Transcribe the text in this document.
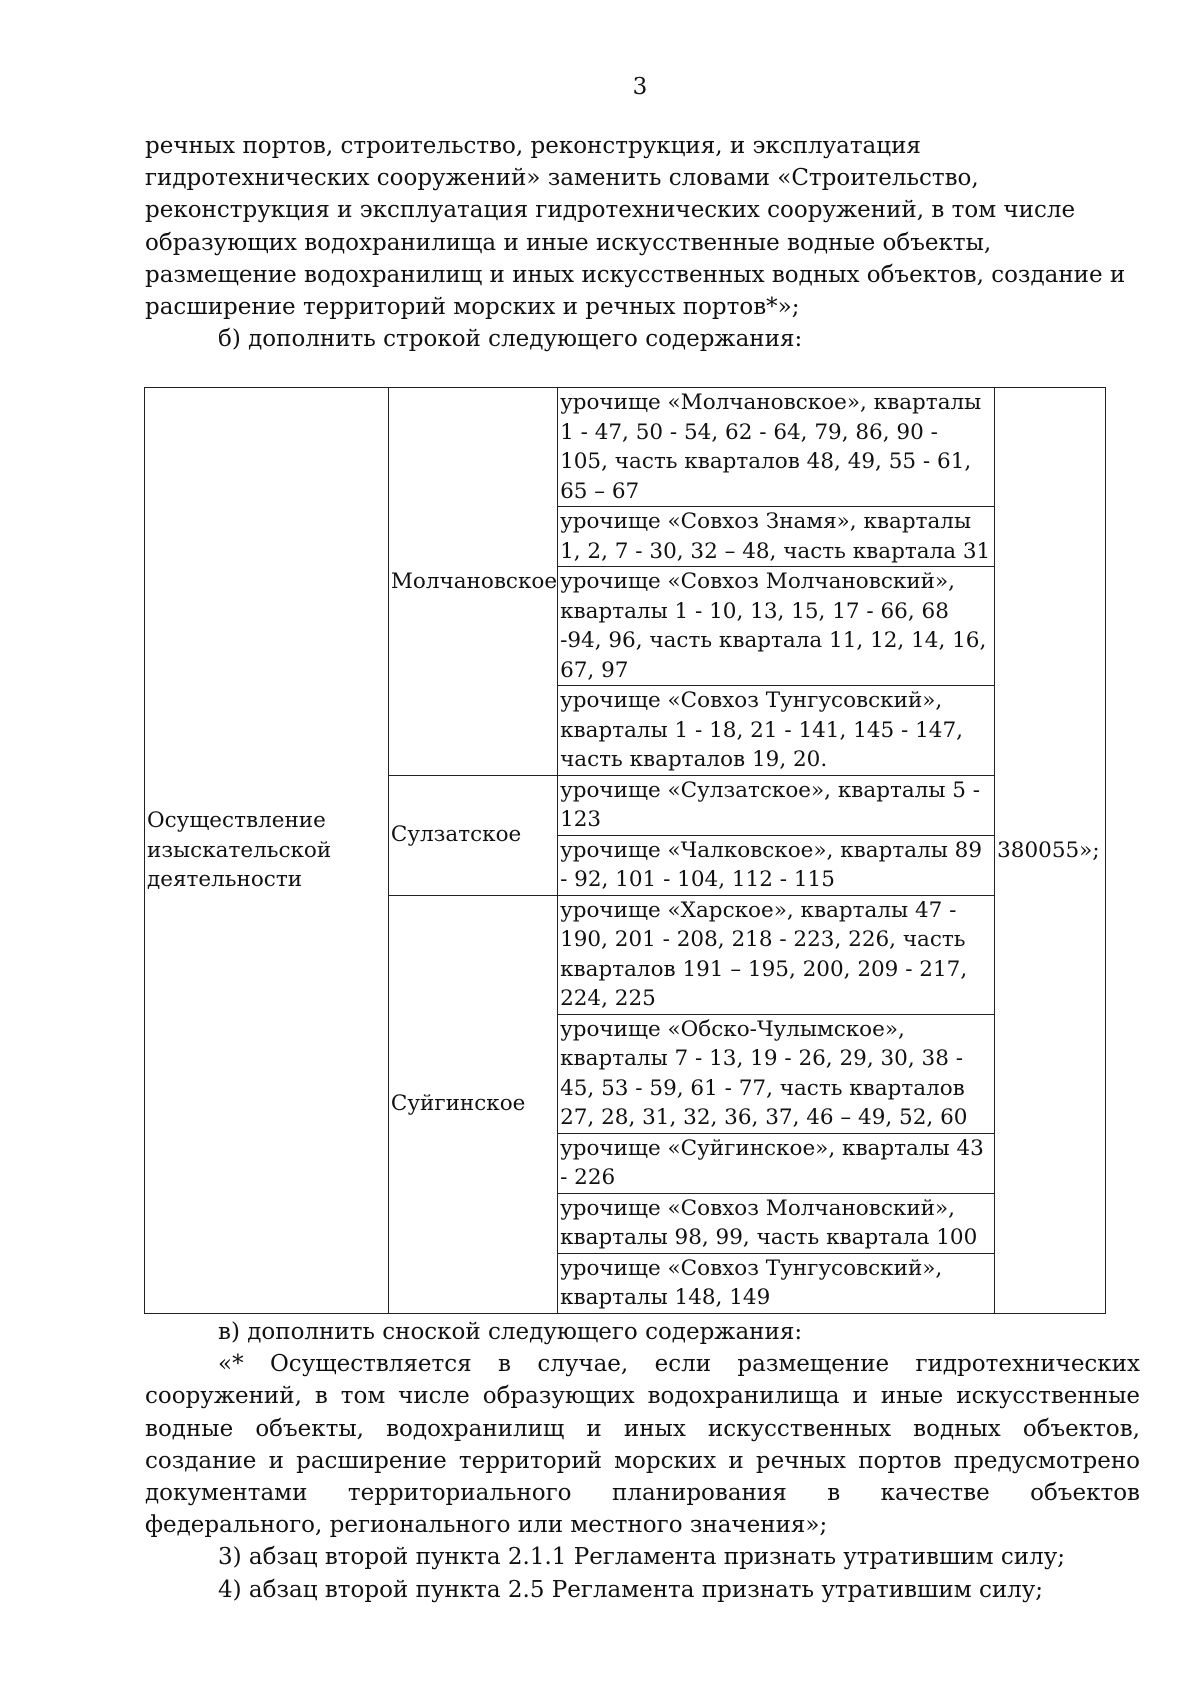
3

речных портов, строительство, реконструкция, и эксплуатация гидротехнических сооружений» заменить словами «Строительство, реконструкция и эксплуатация гидротехнических сооружений, в том числе образующих водохранилища и иные искусственные водные объекты, размещение водохранилищ и иных искусственных водных объектов, создание и расширение территорий морских и речных портов*»;

б) дополнить строкой следующего содержания:

Осуществление изыскательской деятельности	Молчановское	урочище «Молчановское», кварталы 1 - 47, 50 - 54, 62 - 64, 79, 86, 90 - 105, часть кварталов 48, 49, 55 - 61, 65 – 67	380055»;
		урочище «Совхоз Знамя», кварталы 1, 2, 7 - 30, 32 – 48, часть квартала 31	
		урочище «Совхоз Молчановский», кварталы 1 - 10, 13, 15, 17 - 66, 68 -94, 96, часть квартала 11, 12, 14, 16, 67, 97	
		урочище «Совхоз Тунгусовский», кварталы 1 - 18, 21 - 141, 145 - 147, часть кварталов 19, 20.	
	Сулзатское	урочище «Сулзатское», кварталы 5 - 123	
		урочище «Чалковское», кварталы 89 - 92, 101 - 104, 112 - 115	
	Суйгинское	урочище «Харское», кварталы 47 - 190, 201 - 208, 218 - 223, 226, часть кварталов 191 – 195, 200, 209 - 217, 224, 225	
		урочище «Обско-Чулымское», кварталы 7 - 13, 19 - 26, 29, 30, 38 - 45, 53 - 59, 61 - 77, часть кварталов 27, 28, 31, 32, 36, 37, 46 – 49, 52, 60	
		урочище «Суйгинское», кварталы 43 - 226	
		урочище «Совхоз Молчановский», кварталы 98, 99, часть квартала 100	
		урочище «Совхоз Тунгусовский», кварталы 148, 149	

в) дополнить сноской следующего содержания:

«* Осуществляется в случае, если размещение гидротехнических сооружений, в том числе образующих водохранилища и иные искусственные водные объекты, водохранилищ и иных искусственных водных объектов, создание и расширение территорий морских и речных портов предусмотрено документами территориального планирования в качестве объектов федерального, регионального или местного значения»;

3) абзац второй пункта 2.1.1 Регламента признать утратившим силу;

4) абзац второй пункта 2.5 Регламента признать утратившим силу;
